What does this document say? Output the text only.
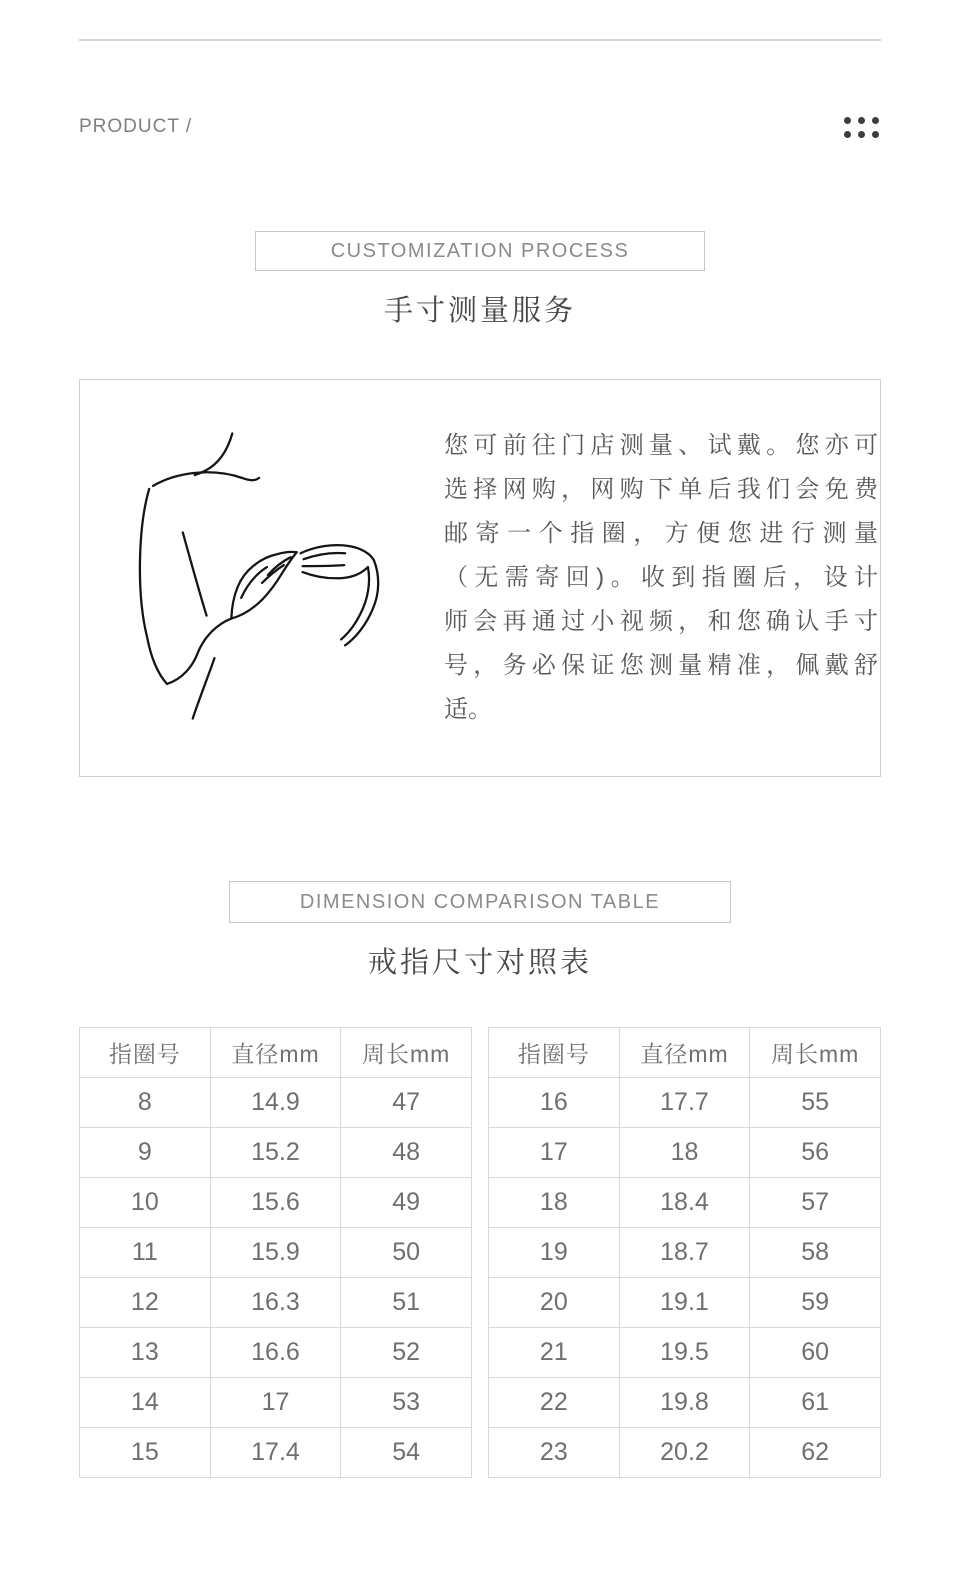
PRODUCT /
CUSTOMIZATION PROCESS
手寸测量服务
您可前往门店测量、试戴。您亦可
选择网购，网购下单后我们会免费
邮寄一个指圈，方便您进行测量
（无需寄回)。收到指圈后，设计
师会再通过小视频，和您确认手寸
号，务必保证您测量精准，佩戴舒
适。
DIMENSION COMPARISON TABLE
戒指尺寸对照表
指圈号	直径mm	周长mm
8	14.9	47
9	15.2	48
10	15.6	49
11	15.9	50
12	16.3	51
13	16.6	52
14	17	53
15	17.4	54
指圈号	直径mm	周长mm
16	17.7	55
17	18	56
18	18.4	57
19	18.7	58
20	19.1	59
21	19.5	60
22	19.8	61
23	20.2	62
